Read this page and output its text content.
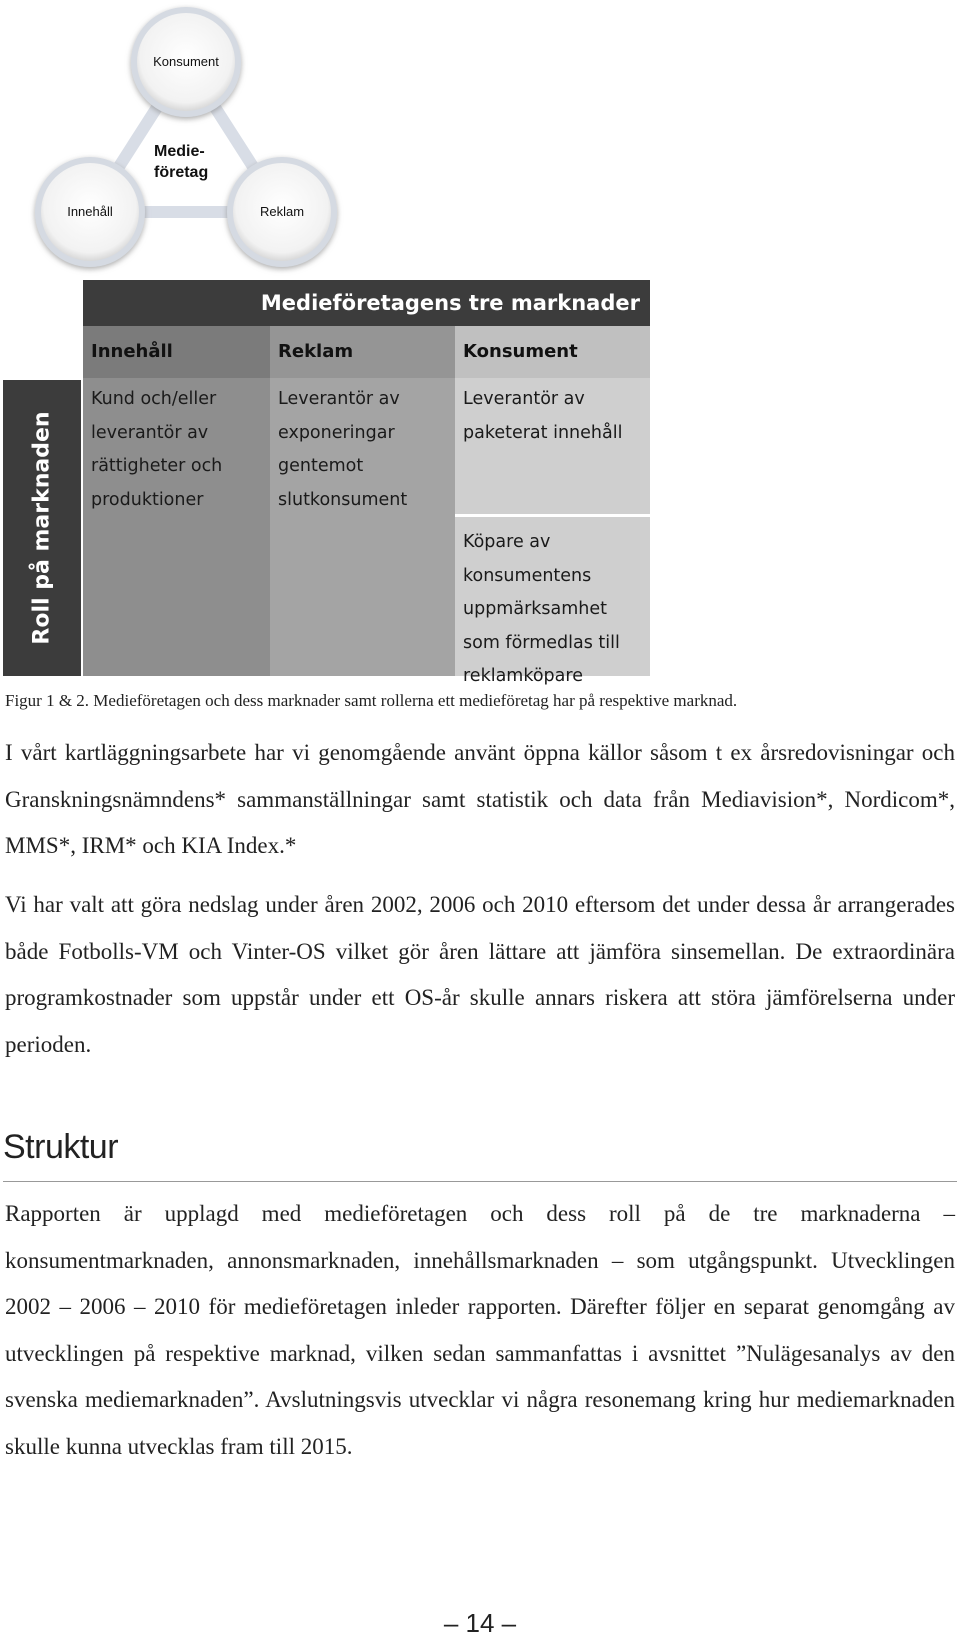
Konsument
Innehåll	Reklam
Medie-
företag
Medieföretagens tre marknader
Innehåll
Kund och/eller
leverantör av
rättigheter och
produktioner
Reklam
Leverantör av
exponeringar
gentemot
slutkonsument
Konsument
Leverantör av
paketerat innehåll
Köpare av
konsumentens
uppmärksamhet
som förmedlas till
reklamköpare
Roll på marknaden
Figur 1 & 2. Medieföretagen och dess marknader samt rollerna ett medieföretag har på respektive marknad.

I vårt kartläggningsarbete har vi genomgående använt öppna källor såsom t ex årsredovisningar och Granskningsnämndens* sammanställningar samt statistik och data från Mediavision*, Nordicom*, MMS*, IRM* och KIA Index.*

Vi har valt att göra nedslag under åren 2002, 2006 och 2010 eftersom det under dessa år arrangerades både Fotbolls-VM och Vinter-OS vilket gör åren lättare att jämföra sinsemellan. De extraordinära programkostnader som uppstår under ett OS-år skulle annars riskera att störa jämförelserna under perioden.

Struktur

Rapporten är upplagd med medieföretagen och dess roll på de tre marknaderna – konsumentmarknaden, annonsmarknaden, innehållsmarknaden – som utgångspunkt. Utvecklingen 2002 – 2006 – 2010 för medieföretagen inleder rapporten. Därefter följer en separat genomgång av utvecklingen på respektive marknad, vilken sedan sammanfattas i avsnittet ”Nulägesanalys av den svenska mediemarknaden”. Avslutningsvis utvecklar vi några resonemang kring hur mediemarknaden skulle kunna utvecklas fram till 2015.

– 14 –
